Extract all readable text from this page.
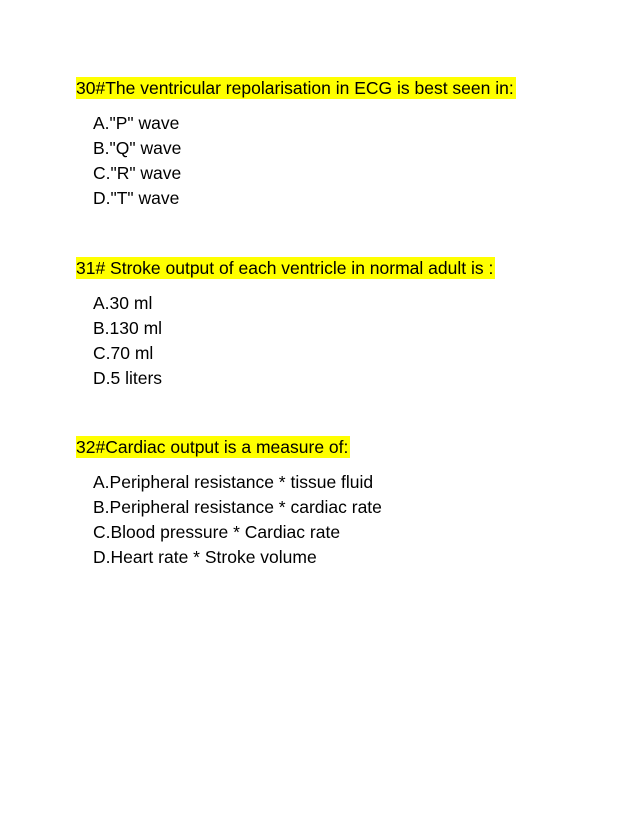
30#The ventricular repolarisation in ECG is best seen in:
A."P" wave
B."Q" wave
C."R" wave
D."T" wave
31# Stroke output of each ventricle in normal adult is :
A.30 ml
B.130 ml
C.70 ml
D.5 liters
32#Cardiac output is a measure of:
A.Peripheral resistance * tissue fluid
B.Peripheral resistance * cardiac rate
C.Blood pressure * Cardiac rate
D.Heart rate * Stroke volume
